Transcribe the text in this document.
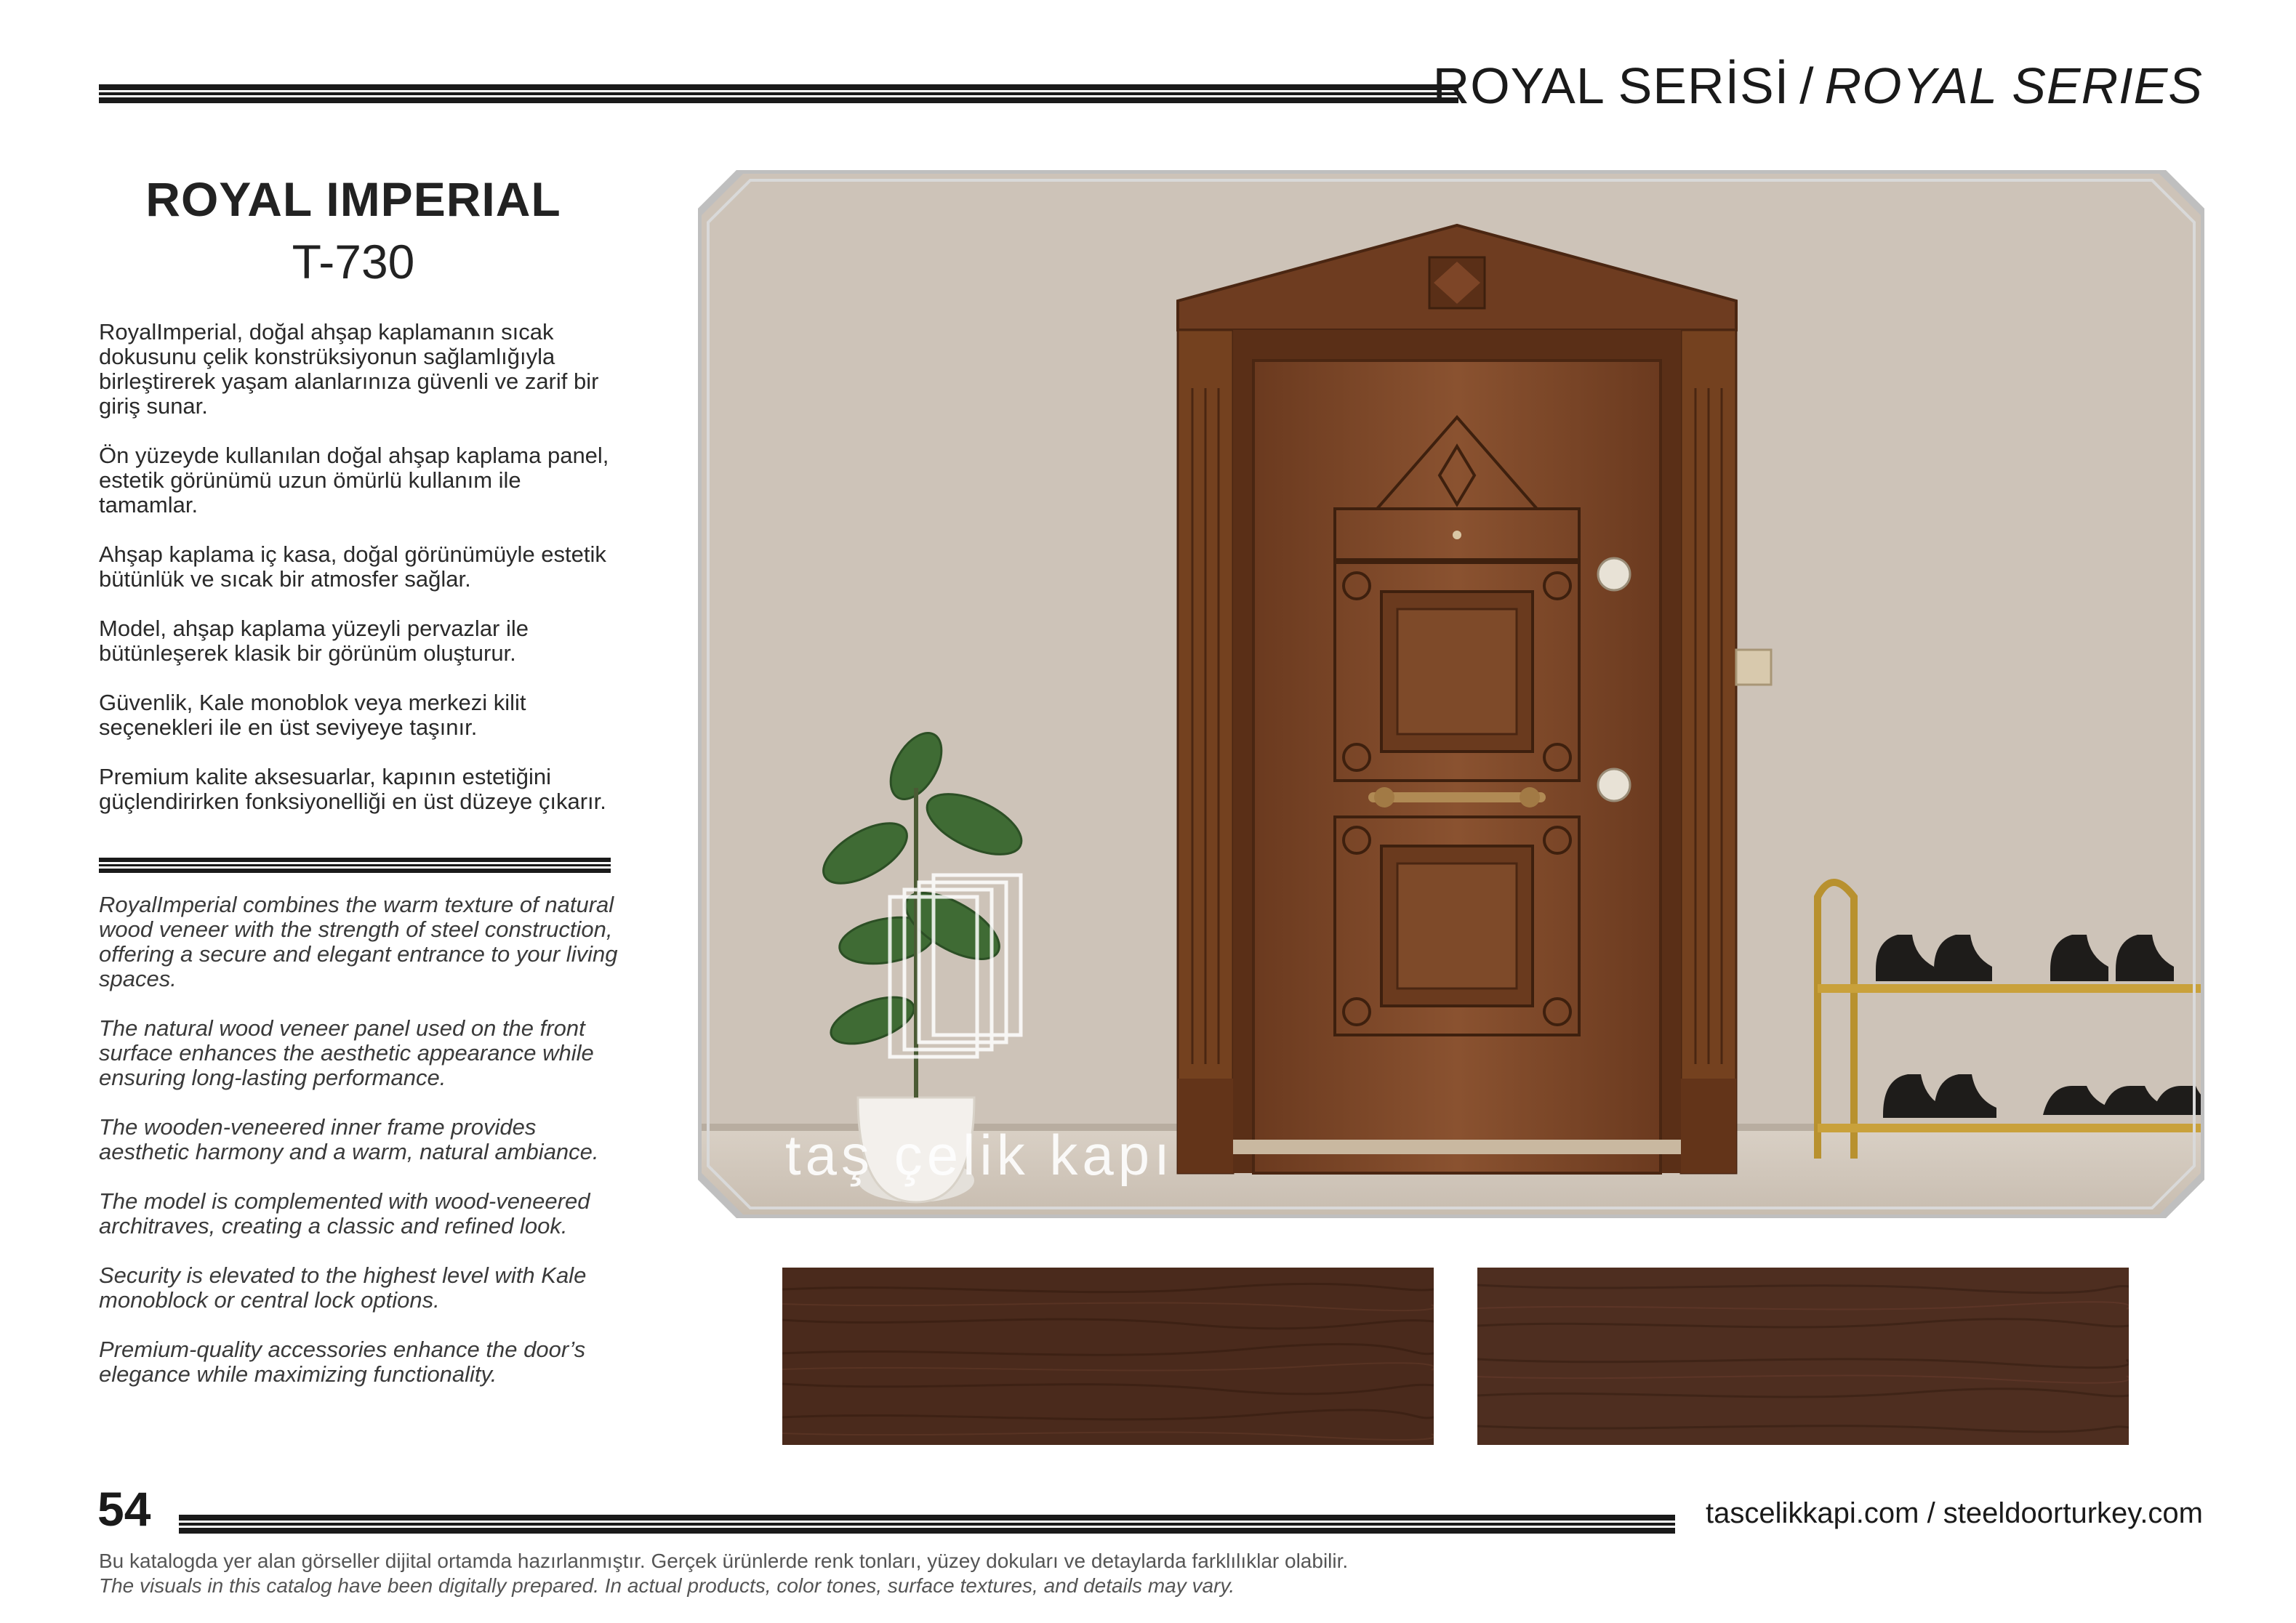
ROYAL SERİSİ / ROYAL SERIES
ROYAL IMPERIAL
T-730

RoyalImperial, doğal ahşap kaplamanın sıcak dokusunu çelik konstrüksiyonun sağlamlığıyla birleştirerek yaşam alanlarınıza güvenli ve zarif bir giriş sunar.

Ön yüzeyde kullanılan doğal ahşap kaplama panel, estetik görünümü uzun ömürlü kullanım ile tamamlar.

Ahşap kaplama iç kasa, doğal görünümüyle estetik bütünlük ve sıcak bir atmosfer sağlar.

Model, ahşap kaplama yüzeyli pervazlar ile bütünleşerek klasik bir görünüm oluşturur.

Güvenlik, Kale monoblok veya merkezi kilit seçenekleri ile en üst seviyeye taşınır.

Premium kalite aksesuarlar, kapının estetiğini güçlendirirken fonksiyonelliği en üst düzeye çıkarır.

RoyalImperial combines the warm texture of natural wood veneer with the strength of steel construction, offering a secure and elegant entrance to your living spaces.

The natural wood veneer panel used on the front surface enhances the aesthetic appearance while ensuring long-lasting performance.

The wooden-veneered inner frame provides aesthetic harmony and a warm, natural ambiance.

The model is complemented with wood-veneered architraves, creating a classic and refined look.

Security is elevated to the highest level with Kale monoblock or central lock options.

Premium-quality accessories enhance the door’s elegance while maximizing functionality.

taş çelik kapı
54	tascelikkapi.com / steeldoorturkey.com
Bu katalogda yer alan görseller dijital ortamda hazırlanmıştır. Gerçek ürünlerde renk tonları, yüzey dokuları ve detaylarda farklılıklar olabilir.
The visuals in this catalog have been digitally prepared. In actual products, color tones, surface textures, and details may vary.
